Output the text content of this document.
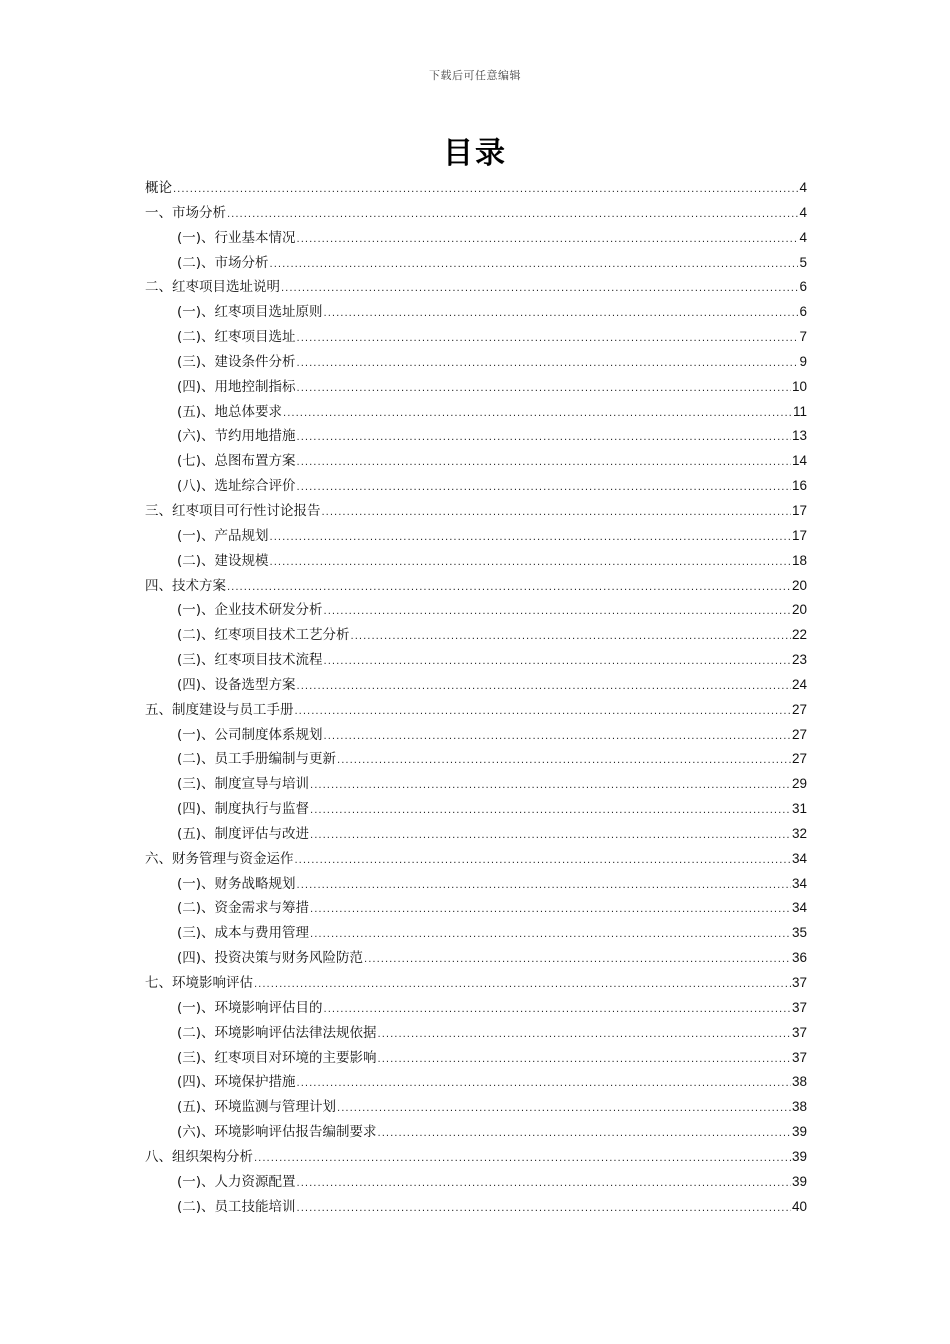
下载后可任意编辑
目录
概论 .....	4
一、市场分析 .....	4
(一)、行业基本情况 .....	4
(二)、市场分析 .....	5
二、红枣项目选址说明 .....	6
(一)、红枣项目选址原则 .....	6
(二)、红枣项目选址 .....	7
(三)、建设条件分析 .....	9
(四)、用地控制指标 .....	10
(五)、地总体要求 .....	11
(六)、节约用地措施 .....	13
(七)、总图布置方案 .....	14
(八)、选址综合评价 .....	16
三、红枣项目可行性讨论报告 .....	17
(一)、产品规划 .....	17
(二)、建设规模 .....	18
四、技术方案 .....	20
(一)、企业技术研发分析 .....	20
(二)、红枣项目技术工艺分析 .....	22
(三)、红枣项目技术流程 .....	23
(四)、设备选型方案 .....	24
五、制度建设与员工手册 .....	27
(一)、公司制度体系规划 .....	27
(二)、员工手册编制与更新 .....	27
(三)、制度宣导与培训 .....	29
(四)、制度执行与监督 .....	31
(五)、制度评估与改进 .....	32
六、财务管理与资金运作 .....	34
(一)、财务战略规划 .....	34
(二)、资金需求与筹措 .....	34
(三)、成本与费用管理 .....	35
(四)、投资决策与财务风险防范 .....	36
七、环境影响评估 .....	37
(一)、环境影响评估目的 .....	37
(二)、环境影响评估法律法规依据 .....	37
(三)、红枣项目对环境的主要影响 .....	37
(四)、环境保护措施 .....	38
(五)、环境监测与管理计划 .....	38
(六)、环境影响评估报告编制要求 .....	39
八、组织架构分析 .....	39
(一)、人力资源配置 .....	39
(二)、员工技能培训 .....	40
